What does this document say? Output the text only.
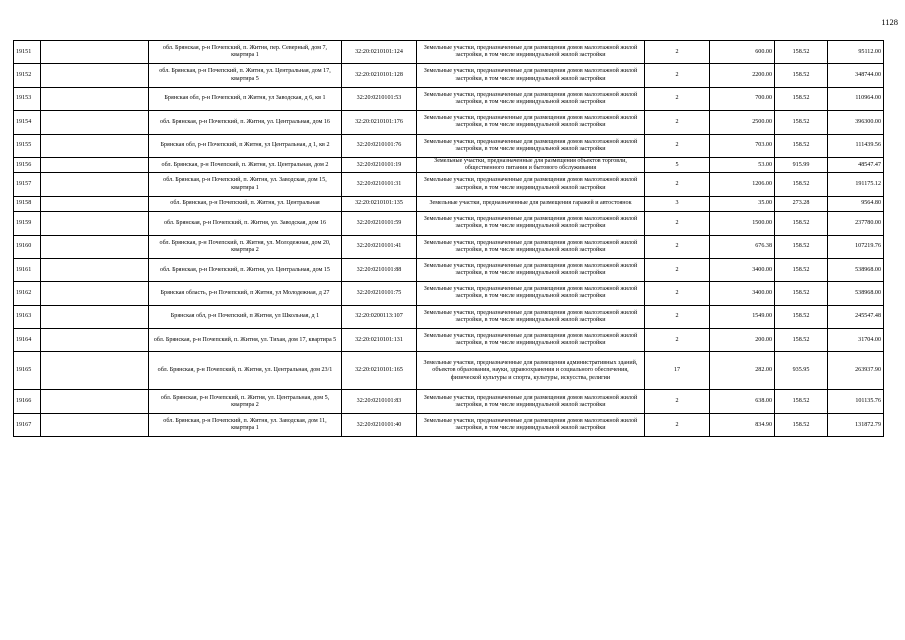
1128
19151		обл. Брянская, р-н Почепский, п. Житня, пер. Северный, дом 7, квартира 1	32:20:0210101:124	Земельные участки, предназначенные для размещения домов малоэтажной жилой застройки, в том числе индивидуальной жилой застройки	2	600.00	158.52	95112.00
19152		обл. Брянская, р-н Почепский, п. Житня, ул. Центральная, дом 17, квартира 5	32:20:0210101:128	Земельные участки, предназначенные для размещения домов малоэтажной жилой застройки, в том числе индивидуальной жилой застройки	2	2200.00	158.52	348744.00
19153		Брянская обл, р-н Почепский, п Житня, ул Заводская, д 6, кв 1	32:20:0210101:53	Земельные участки, предназначенные для размещения домов малоэтажной жилой застройки, в том числе индивидуальной жилой застройки	2	700.00	158.52	110964.00
19154		обл. Брянская, р-н Почепский, п. Житня, ул. Центральная, дом 16	32:20:0210101:176	Земельные участки, предназначенные для размещения домов малоэтажной жилой застройки, в том числе индивидуальной жилой застройки	2	2500.00	158.52	396300.00
19155		Брянская обл, р-н Почепский, п Житня, ул Центральная, д 1, кв 2	32:20:0210101:76	Земельные участки, предназначенные для размещения домов малоэтажной жилой застройки, в том числе индивидуальной жилой застройки	2	703.00	158.52	111439.56
19156		обл. Брянская, р-н Почепский, п. Житня, ул. Центральная, дом 2	32:20:0210101:19	Земельные участки, предназначенные для размещения объектов торговли, общественного питания и бытового обслуживания	5	53.00	915.99	48547.47
19157		обл. Брянская, р-н Почепский, п. Житня, ул. Заводская, дом 15, квартира 1	32:20:0210101:31	Земельные участки, предназначенные для размещения домов малоэтажной жилой застройки, в том числе индивидуальной жилой застройки	2	1206.00	158.52	191175.12
19158		обл. Брянская, р-н Почепский, п. Житня, ул. Центральная	32:20:0210101:135	Земельные участки, предназначенные для размещения гаражей и автостоянок	3	35.00	273.28	9564.80
19159		обл. Брянская, р-н Почепский, п. Житня, ул. Заводская, дом 16	32:20:0210101:59	Земельные участки, предназначенные для размещения домов малоэтажной жилой застройки, в том числе индивидуальной жилой застройки	2	1500.00	158.52	237780.00
19160		обл. Брянская, р-н Почепский, п. Житня, ул. Молодежная, дом 20, квартира 2	32:20:0210101:41	Земельные участки, предназначенные для размещения домов малоэтажной жилой застройки, в том числе индивидуальной жилой застройки	2	676.38	158.52	107219.76
19161		обл. Брянская, р-н Почепский, п. Житня, ул. Центральная, дом 15	32:20:0210101:88	Земельные участки, предназначенные для размещения домов малоэтажной жилой застройки, в том числе индивидуальной жилой застройки	2	3400.00	158.52	538968.00
19162		Брянская область, р-н Почепский, п Житня, ул Молодежная, д 27	32:20:0210101:75	Земельные участки, предназначенные для размещения домов малоэтажной жилой застройки, в том числе индивидуальной жилой застройки	2	3400.00	158.52	538968.00
19163		Брянская обл, р-н Почепский, п Житня, ул Школьная, д 1	32:20:0200113:107	Земельные участки, предназначенные для размещения домов малоэтажной жилой застройки, в том числе индивидуальной жилой застройки	2	1549.00	158.52	245547.48
19164		обл. Брянская, р-н Почепский, п. Житня, ул. Тихая, дом 17, квартира 5	32:20:0210101:131	Земельные участки, предназначенные для размещения домов малоэтажной жилой застройки, в том числе индивидуальной жилой застройки	2	200.00	158.52	31704.00
19165		обл. Брянская, р-н Почепский, п. Житня, ул. Центральная, дом 23/1	32:20:0210101:165	Земельные участки, предназначенные для размещения административных зданий, объектов образования, науки, здравоохранения и социального обеспечения, физической культуры и спорта, культуры, искусства, религии	17	282.00	935.95	263937.90
19166		обл. Брянская, р-н Почепский, п. Житня, ул. Центральная, дом 5, квартира 2	32:20:0210101:83	Земельные участки, предназначенные для размещения домов малоэтажной жилой застройки, в том числе индивидуальной жилой застройки	2	638.00	158.52	101135.76
19167		обл. Брянская, р-н Почепский, п. Житня, ул. Заводская, дом 11, квартира 1	32:20:0210101:40	Земельные участки, предназначенные для размещения домов малоэтажной жилой застройки, в том числе индивидуальной жилой застройки	2	834.90	158.52	131872.79
